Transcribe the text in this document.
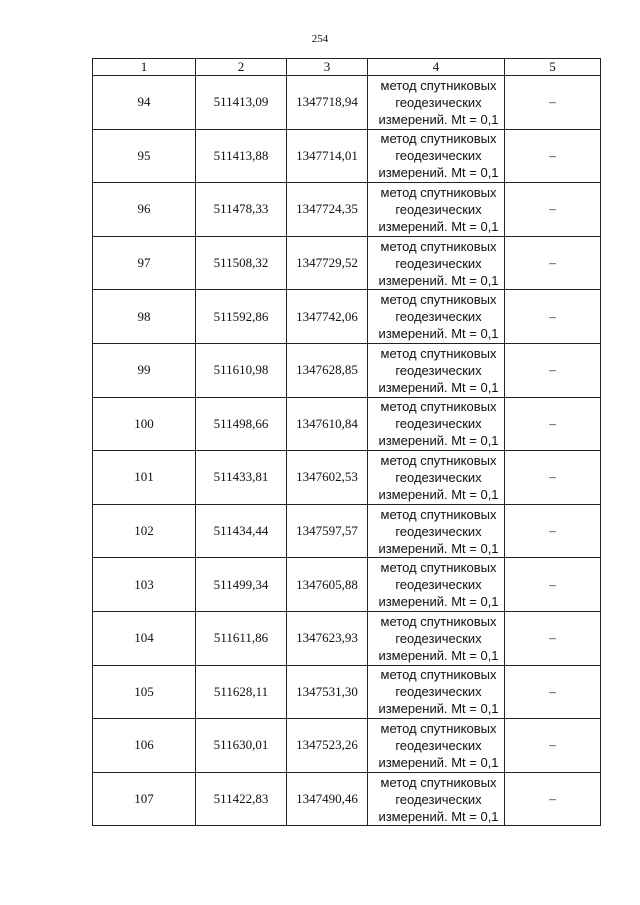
254
1	2	3	4	5
94	511413,09	1347718,94	метод спутниковых
геодезических
измерений. Mt = 0,1	–
95	511413,88	1347714,01	метод спутниковых
геодезических
измерений. Mt = 0,1	–
96	511478,33	1347724,35	метод спутниковых
геодезических
измерений. Mt = 0,1	–
97	511508,32	1347729,52	метод спутниковых
геодезических
измерений. Mt = 0,1	–
98	511592,86	1347742,06	метод спутниковых
геодезических
измерений. Mt = 0,1	–
99	511610,98	1347628,85	метод спутниковых
геодезических
измерений. Mt = 0,1	–
100	511498,66	1347610,84	метод спутниковых
геодезических
измерений. Mt = 0,1	–
101	511433,81	1347602,53	метод спутниковых
геодезических
измерений. Mt = 0,1	–
102	511434,44	1347597,57	метод спутниковых
геодезических
измерений. Mt = 0,1	–
103	511499,34	1347605,88	метод спутниковых
геодезических
измерений. Mt = 0,1	–
104	511611,86	1347623,93	метод спутниковых
геодезических
измерений. Mt = 0,1	–
105	511628,11	1347531,30	метод спутниковых
геодезических
измерений. Mt = 0,1	–
106	511630,01	1347523,26	метод спутниковых
геодезических
измерений. Mt = 0,1	–
107	511422,83	1347490,46	метод спутниковых
геодезических
измерений. Mt = 0,1	–
